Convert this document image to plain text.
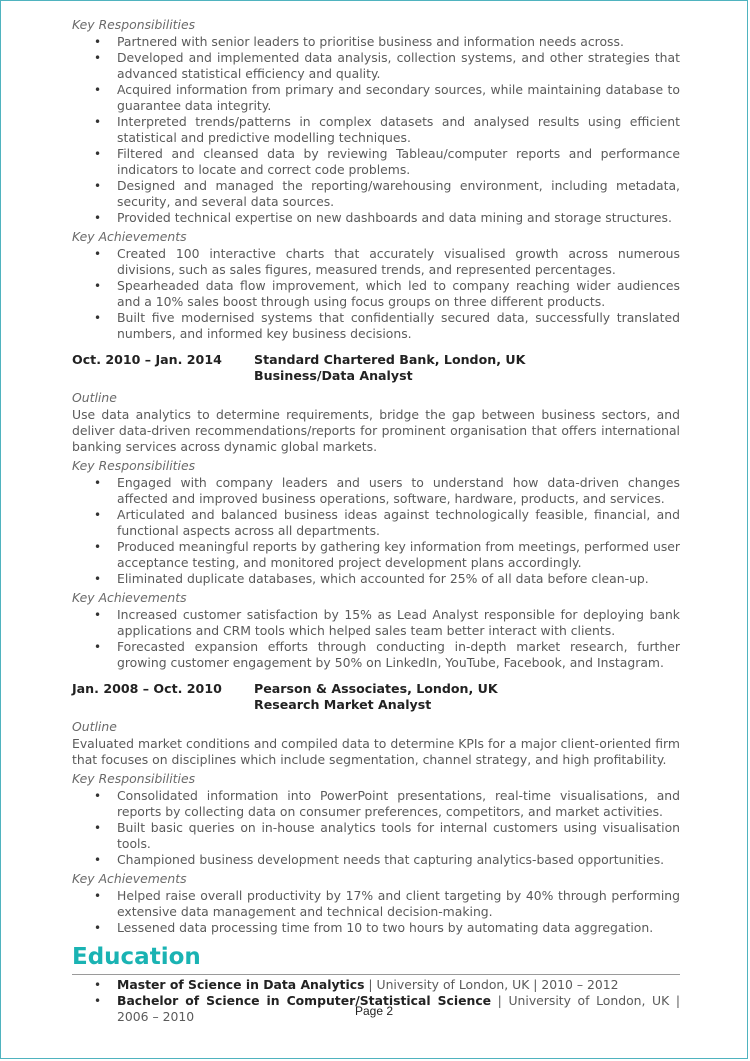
Key Responsibilities
• Partnered with senior leaders to prioritise business and information needs across.
• Developed and implemented data analysis, collection systems, and other strategies that advanced statistical efficiency and quality.
• Acquired information from primary and secondary sources, while maintaining database to guarantee data integrity.
• Interpreted trends/patterns in complex datasets and analysed results using efficient statistical and predictive modelling techniques.
• Filtered and cleansed data by reviewing Tableau/computer reports and performance indicators to locate and correct code problems.
• Designed and managed the reporting/warehousing environment, including metadata, security, and several data sources.
• Provided technical expertise on new dashboards and data mining and storage structures.
Key Achievements
• Created 100 interactive charts that accurately visualised growth across numerous divisions, such as sales figures, measured trends, and represented percentages.
• Spearheaded data flow improvement, which led to company reaching wider audiences and a 10% sales boost through using focus groups on three different products.
• Built five modernised systems that confidentially secured data, successfully translated numbers, and informed key business decisions.
Oct. 2010 – Jan. 2014	Standard Chartered Bank, London, UK
Business/Data Analyst
Outline

Use data analytics to determine requirements, bridge the gap between business sectors, and deliver data-driven recommendations/reports for prominent organisation that offers international banking services across dynamic global markets.

Key Responsibilities
• Engaged with company leaders and users to understand how data-driven changes affected and improved business operations, software, hardware, products, and services.
• Articulated and balanced business ideas against technologically feasible, financial, and functional aspects across all departments.
• Produced meaningful reports by gathering key information from meetings, performed user acceptance testing, and monitored project development plans accordingly.
• Eliminated duplicate databases, which accounted for 25% of all data before clean-up.
Key Achievements
• Increased customer satisfaction by 15% as Lead Analyst responsible for deploying bank applications and CRM tools which helped sales team better interact with clients.
• Forecasted expansion efforts through conducting in-depth market research, further growing customer engagement by 50% on LinkedIn, YouTube, Facebook, and Instagram.
Jan. 2008 – Oct. 2010	Pearson & Associates, London, UK
Research Market Analyst
Outline

Evaluated market conditions and compiled data to determine KPIs for a major client-oriented firm that focuses on disciplines which include segmentation, channel strategy, and high profitability.

Key Responsibilities
• Consolidated information into PowerPoint presentations, real-time visualisations, and reports by collecting data on consumer preferences, competitors, and market activities.
• Built basic queries on in-house analytics tools for internal customers using visualisation tools.
• Championed business development needs that capturing analytics-based opportunities.
Key Achievements
• Helped raise overall productivity by 17% and client targeting by 40% through performing extensive data management and technical decision-making.
• Lessened data processing time from 10 to two hours by automating data aggregation.
Education
• Master of Science in Data Analytics | University of London, UK | 2010 – 2012
• Bachelor of Science in Computer/Statistical Science | University of London, UK | 2006 – 2010	Page 2
